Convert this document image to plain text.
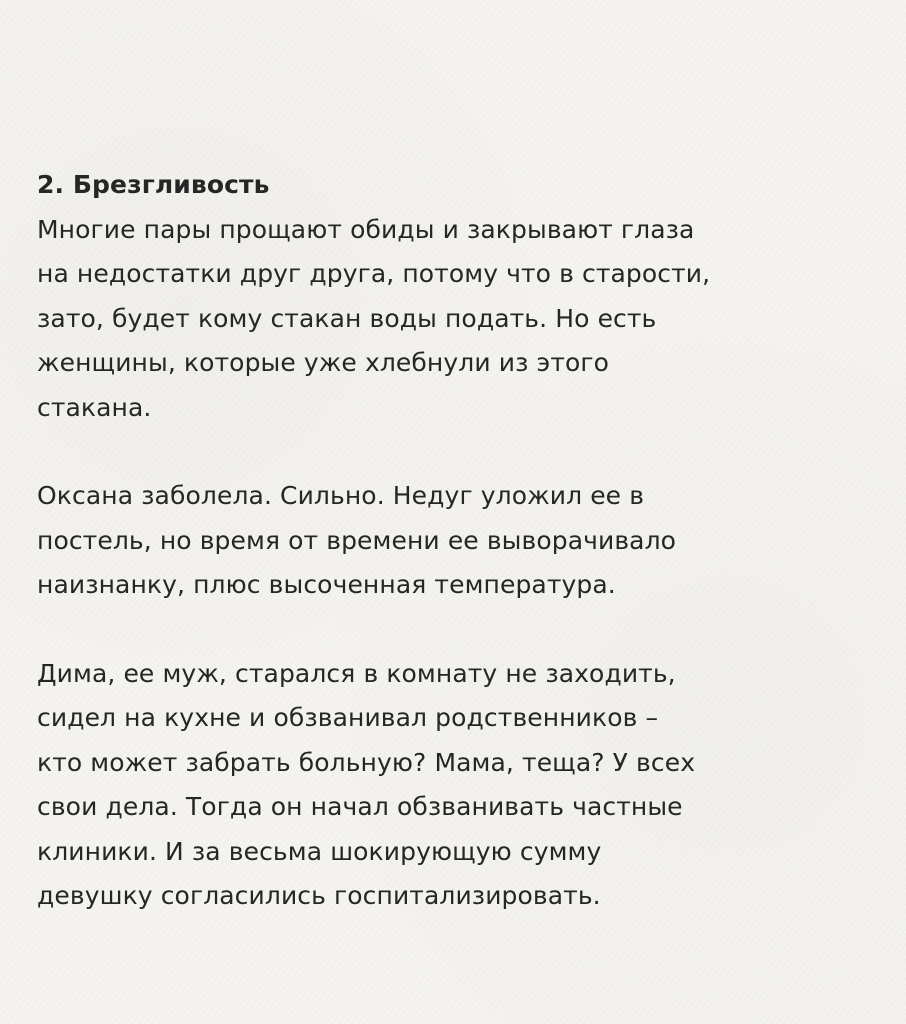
2. Брезгливость
Многие пары прощают обиды и закрывают глаза
на недостатки друг друга, потому что в старости,
зато, будет кому стакан воды подать. Но есть
женщины, которые уже хлебнули из этого
стакана.
Оксана заболела. Сильно. Недуг уложил ее в
постель, но время от времени ее выворачивало
наизнанку, плюс высоченная температура.
Дима, ее муж, старался в комнату не заходить,
сидел на кухне и обзванивал родственников –
кто может забрать больную? Мама, теща? У всех
свои дела. Тогда он начал обзванивать частные
клиники. И за весьма шокирующую сумму
девушку согласились госпитализировать.
